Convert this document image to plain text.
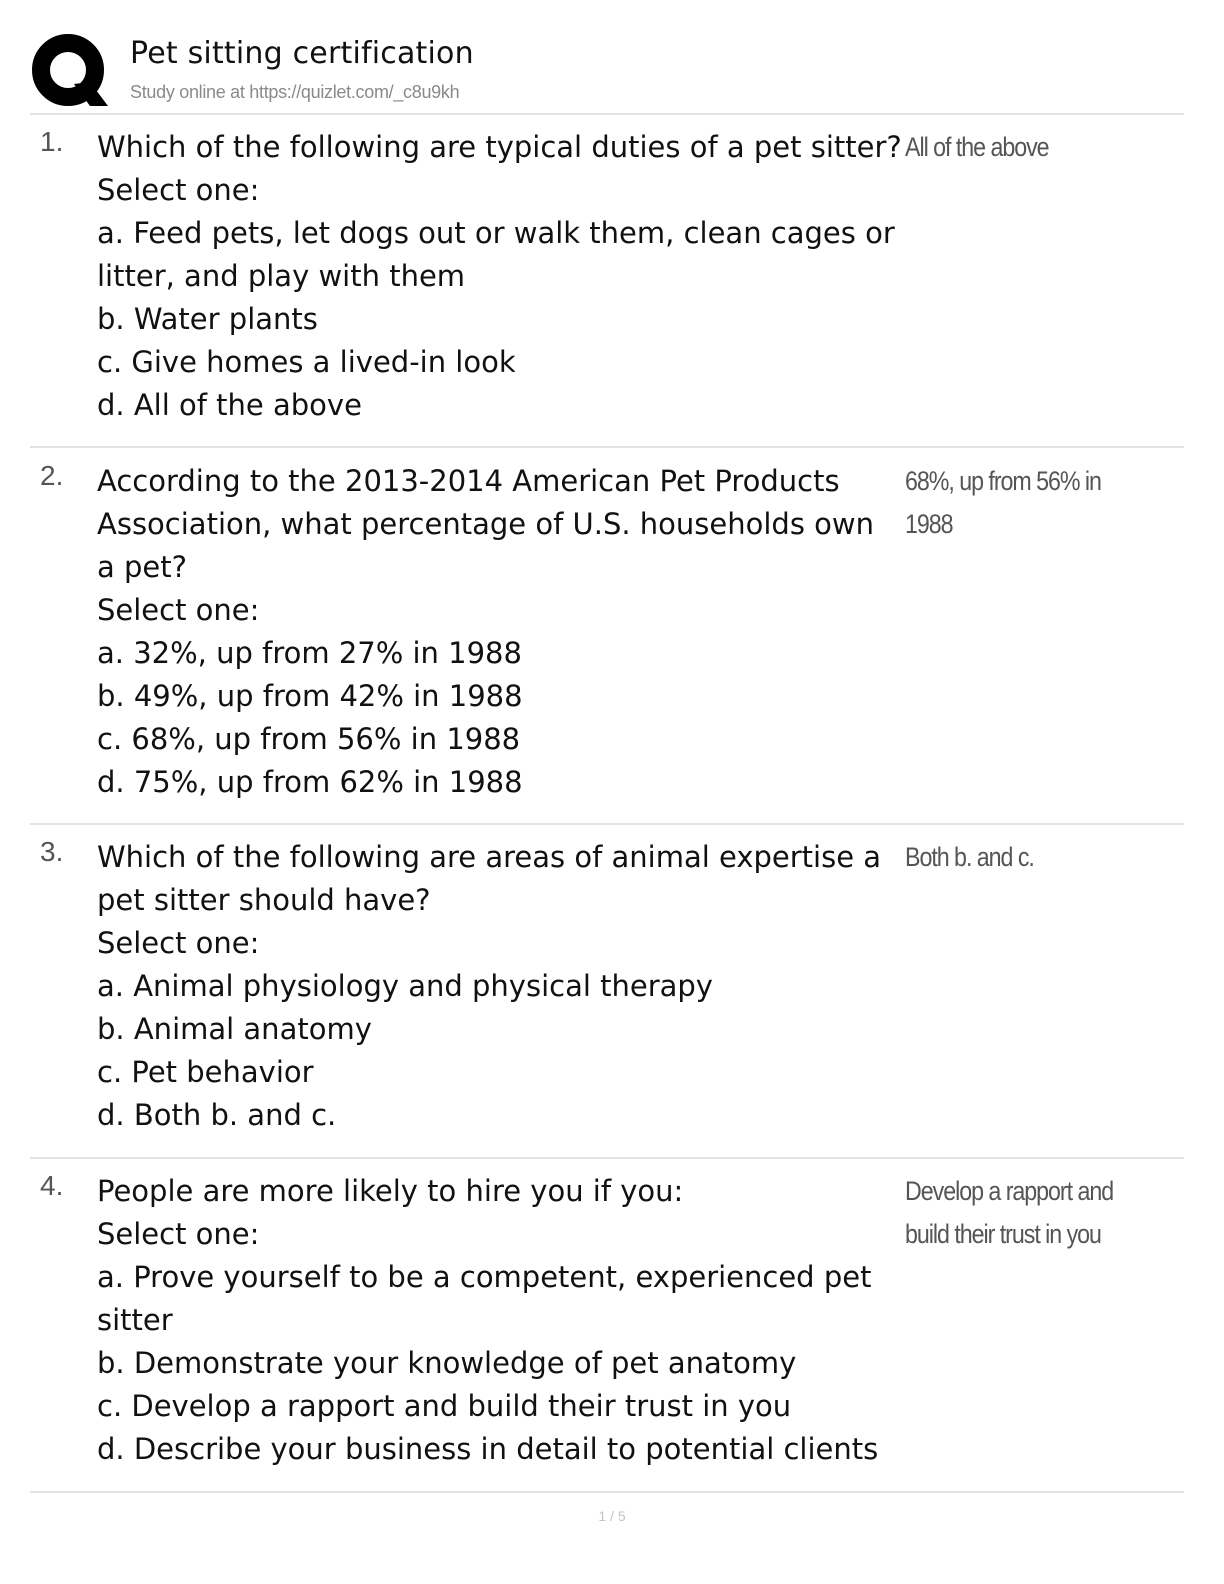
Pet sitting certification
Study online at https://quizlet.com/_c8u9kh
1. Which of the following are typical duties of a pet sitter?
Select one:
a. Feed pets, let dogs out or walk them, clean cages or
litter, and play with them
b. Water plants
c. Give homes a lived-in look
d. All of the above
All of the above
2. According to the 2013-2014 American Pet Products
Association, what percentage of U.S. households own
a pet?
Select one:
a. 32%, up from 27% in 1988
b. 49%, up from 42% in 1988
c. 68%, up from 56% in 1988
d. 75%, up from 62% in 1988
68%, up from 56% in 1988
3. Which of the following are areas of animal expertise a
pet sitter should have?
Select one:
a. Animal physiology and physical therapy
b. Animal anatomy
c. Pet behavior
d. Both b. and c.
Both b. and c.
4. People are more likely to hire you if you:
Select one:
a. Prove yourself to be a competent, experienced pet
sitter
b. Demonstrate your knowledge of pet anatomy
c. Develop a rapport and build their trust in you
d. Describe your business in detail to potential clients
Develop a rapport and
build their trust in you
1 / 5
